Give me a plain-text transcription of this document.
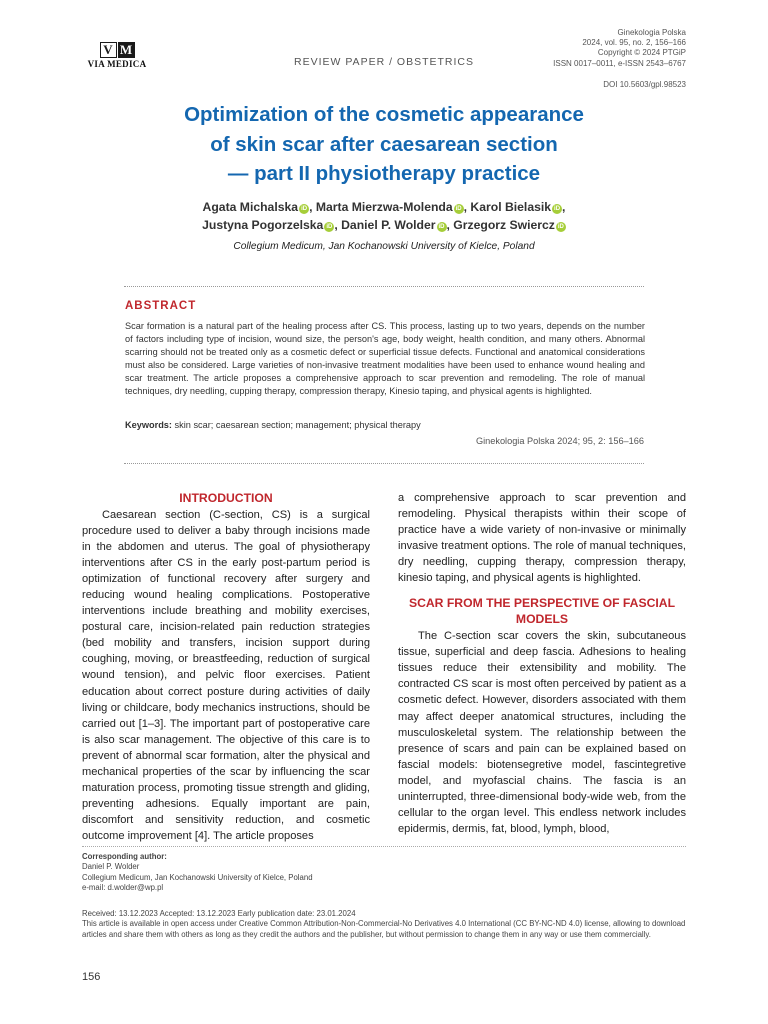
V M
VIA MEDICA	REVIEW PAPER / OBSTETRICS
Ginekologia Polska
2024, vol. 95, no. 2, 156–166
Copyright © 2024 PTGiP
ISSN 0017–0011, e-ISSN 2543–6767
DOI 10.5603/gpl.98523
Optimization of the cosmetic appearance
of skin scar after caesarean section
— part II physiotherapy practice
Agata Michalska iD , Marta Mierzwa-Molenda iD , Karol Bielasik iD ,
Justyna Pogorzelska iD , Daniel P. Wolder iD , Grzegorz Swiercz iD
Collegium Medicum, Jan Kochanowski University of Kielce, Poland
ABSTRACT
Scar formation is a natural part of the healing process after CS. This process, lasting up to two years, depends on the number of factors including type of incision, wound size, the person's age, body weight, health condition, and many others. Abnormal scarring should not be treated only as a cosmetic defect or superficial tissue defects. Functional and anatomical considerations must also be considered. Large varieties of non-invasive treatment modalities have been used to enhance wound healing and scar treatment. The article proposes a comprehensive approach to scar prevention and remodeling. The role of manual techniques, dry needling, cupping therapy, compression therapy, Kinesio taping, and physical agents is highlighted.
Keywords: skin scar; caesarean section; management; physical therapy
Ginekologia Polska 2024; 95, 2: 156–166
INTRODUCTION

Caesarean section (C-section, CS) is a surgical procedure used to deliver a baby through incisions made in the abdomen and uterus. The goal of physiotherapy interventions after CS in the early post-partum period is optimization of functional recovery after surgery and reducing wound healing complications. Postoperative interventions include breathing and mobility exercises, postural care, incision-related pain reduction strategies (bed mobility and transfers, incision support during coughing, moving, or breastfeeding, reduction of surgical wound tension), and pelvic floor exercises. Patient education about correct posture during activities of daily living or childcare, body mechanics instructions, should be carried out [1–3]. The important part of postoperative care is also scar management. The objective of this care is to prevent of abnormal scar formation, alter the physical and mechanical properties of the scar by influencing the scar maturation process, promoting tissue strength and gliding, preventing adhesions. Equally important are pain, discomfort and sensitivity reduction, and cosmetic outcome improvement [4]. The article proposes

a comprehensive approach to scar prevention and remodeling. Physical therapists within their scope of practice have a wide variety of non-invasive or minimally invasive treatment options. The role of manual techniques, dry needling, cupping therapy, compression therapy, kinesio taping, and physical agents is highlighted.

SCAR FROM THE PERSPECTIVE OF FASCIAL MODELS

The C-section scar covers the skin, subcutaneous tissue, superficial and deep fascia. Adhesions to healing tissues reduce their extensibility and mobility. The contracted CS scar is most often perceived by patient as a cosmetic defect. However, disorders associated with them may affect deeper anatomical structures, including the musculoskeletal system. The relationship between the presence of scars and pain can be explained based on fascial models: biotensegretive model, fascintegretive model, and myofascial chains. The fascia is an uninterrupted, three-dimensional body-wide web, from the cellular to the organ level. This endless network includes epidermis, dermis, fat, blood, lymph, blood,

Corresponding author:
Daniel P. Wolder
Collegium Medicum, Jan Kochanowski University of Kielce, Poland
e-mail: d.wolder@wp.pl
Received: 13.12.2023 Accepted: 13.12.2023 Early publication date: 23.01.2024
This article is available in open access under Creative Common Attribution-Non-Commercial-No Derivatives 4.0 International (CC BY-NC-ND 4.0) license, allowing to download articles and share them with others as long as they credit the authors and the publisher, but without permission to change them in any way or use them commercially.
156
